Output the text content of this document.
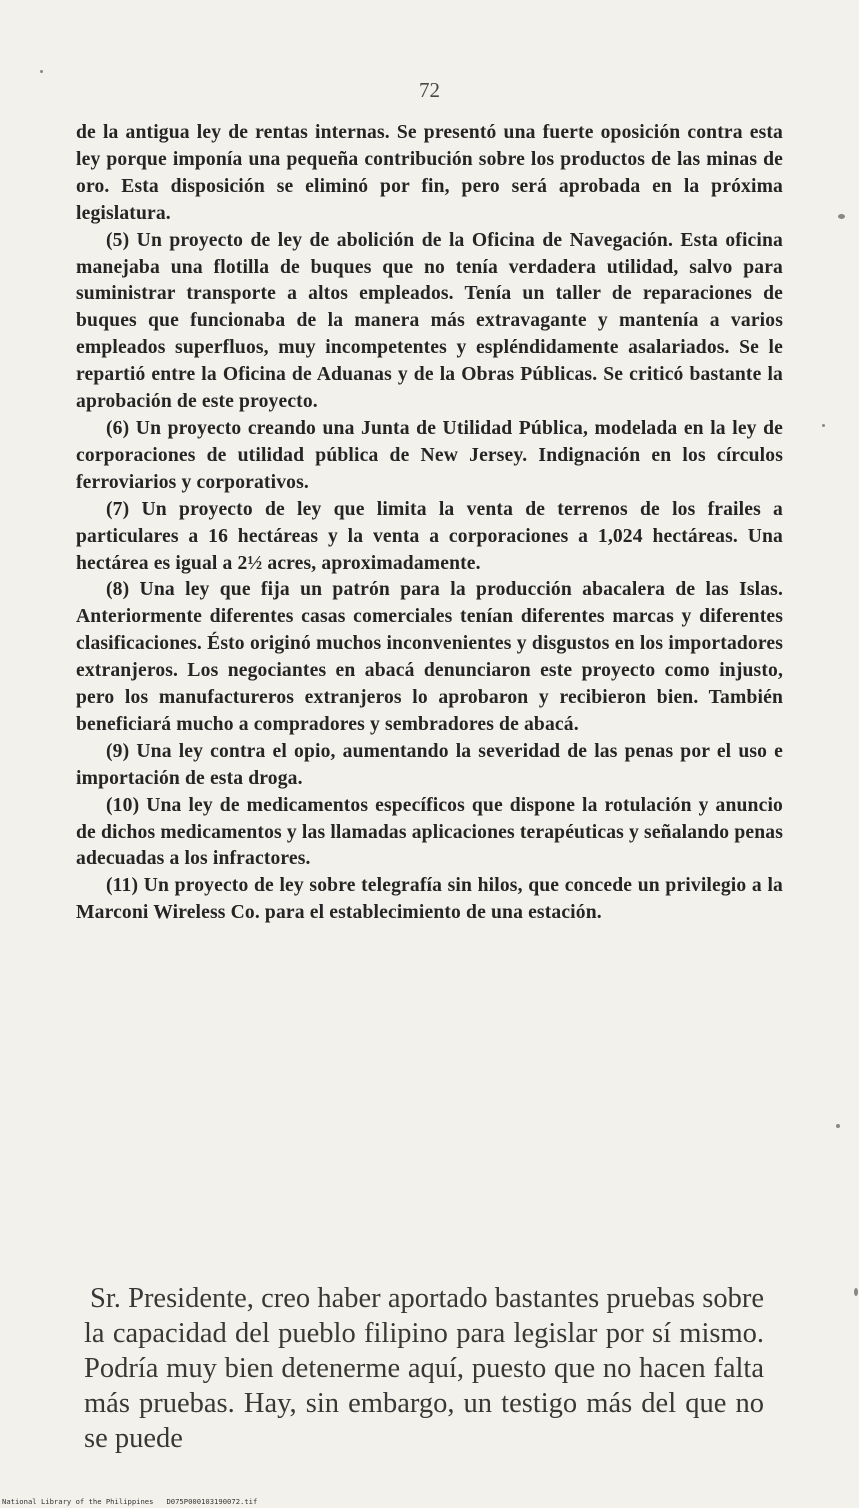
72

de la antigua ley de rentas internas. Se presentó una fuerte oposición contra esta ley porque imponía una pequeña contribución sobre los productos de las minas de oro. Esta disposición se eliminó por fin, pero será aprobada en la próxima legislatura.

(5) Un proyecto de ley de abolición de la Oficina de Navegación. Esta oficina manejaba una flotilla de buques que no tenía verdadera utilidad, salvo para suministrar transporte a altos empleados. Tenía un taller de reparaciones de buques que funcionaba de la manera más extravagante y mantenía a varios empleados superfluos, muy incompetentes y espléndidamente asalariados. Se le repartió entre la Oficina de Aduanas y de la Obras Públicas. Se criticó bastante la aprobación de este proyecto.

(6) Un proyecto creando una Junta de Utilidad Pública, modelada en la ley de corporaciones de utilidad pública de New Jersey. Indignación en los círculos ferroviarios y corporativos.

(7) Un proyecto de ley que limita la venta de terrenos de los frailes a particulares a 16 hectáreas y la venta a corporaciones a 1,024 hectáreas. Una hectárea es igual a 2½ acres, aproximadamente.

(8) Una ley que fija un patrón para la producción abacalera de las Islas. Anteriormente diferentes casas comerciales tenían diferentes marcas y diferentes clasificaciones. Ésto originó muchos inconvenientes y disgustos en los importadores extranjeros. Los negociantes en abacá denunciaron este proyecto como injusto, pero los manufactureros extranjeros lo aprobaron y recibieron bien. También beneficiará mucho a compradores y sembradores de abacá.

(9) Una ley contra el opio, aumentando la severidad de las penas por el uso e importación de esta droga.

(10) Una ley de medicamentos específicos que dispone la rotulación y anuncio de dichos medicamentos y las llamadas aplicaciones terapéuticas y señalando penas adecuadas a los infractores.

(11) Un proyecto de ley sobre telegrafía sin hilos, que concede un privilegio a la Marconi Wireless Co. para el establecimiento de una estación.

Sr. Presidente, creo haber aportado bastantes pruebas sobre la capacidad del pueblo filipino para legislar por sí mismo. Podría muy bien detenerme aquí, puesto que no hacen falta más pruebas. Hay, sin embargo, un testigo más del que no se puede

National Library of the Philippines D075P000103190072.tif
